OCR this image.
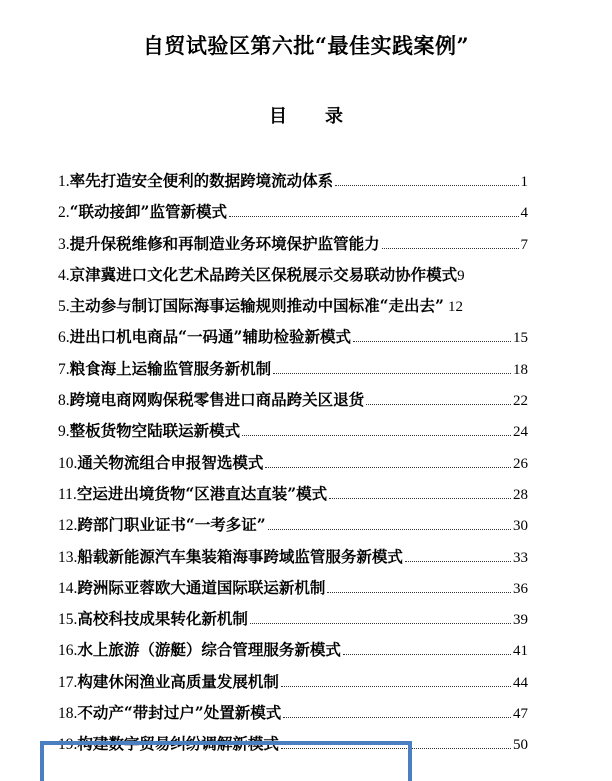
自贸试验区第六批“最佳实践案例”
目 录
1. 率先打造安全便利的数据跨境流动体系	1
2. “联动接卸”监管新模式	4
3. 提升保税维修和再制造业务环境保护监管能力	7
4. 京津冀进口文化艺术品跨关区保税展示交易联动协作模式 9
5. 主动参与制订国际海事运输规则推动中国标准“走出去” 12
6. 进出口机电商品“一码通”辅助检验新模式	15
7. 粮食海上运输监管服务新机制	18
8. 跨境电商网购保税零售进口商品跨关区退货	22
9. 整板货物空陆联运新模式	24
10. 通关物流组合申报智选模式	26
11. 空运进出境货物“区港直达直装”模式	28
12. 跨部门职业证书“一考多证”	30
13. 船载新能源汽车集装箱海事跨域监管服务新模式	33
14. 跨洲际亚蓉欧大通道国际联运新机制	36
15. 高校科技成果转化新机制	39
16. 水上旅游（游艇）综合管理服务新模式	41
17. 构建休闲渔业高质量发展机制	44
18. 不动产“带封过户”处置新模式	47
19. 构建数字贸易纠纷调解新模式	50
